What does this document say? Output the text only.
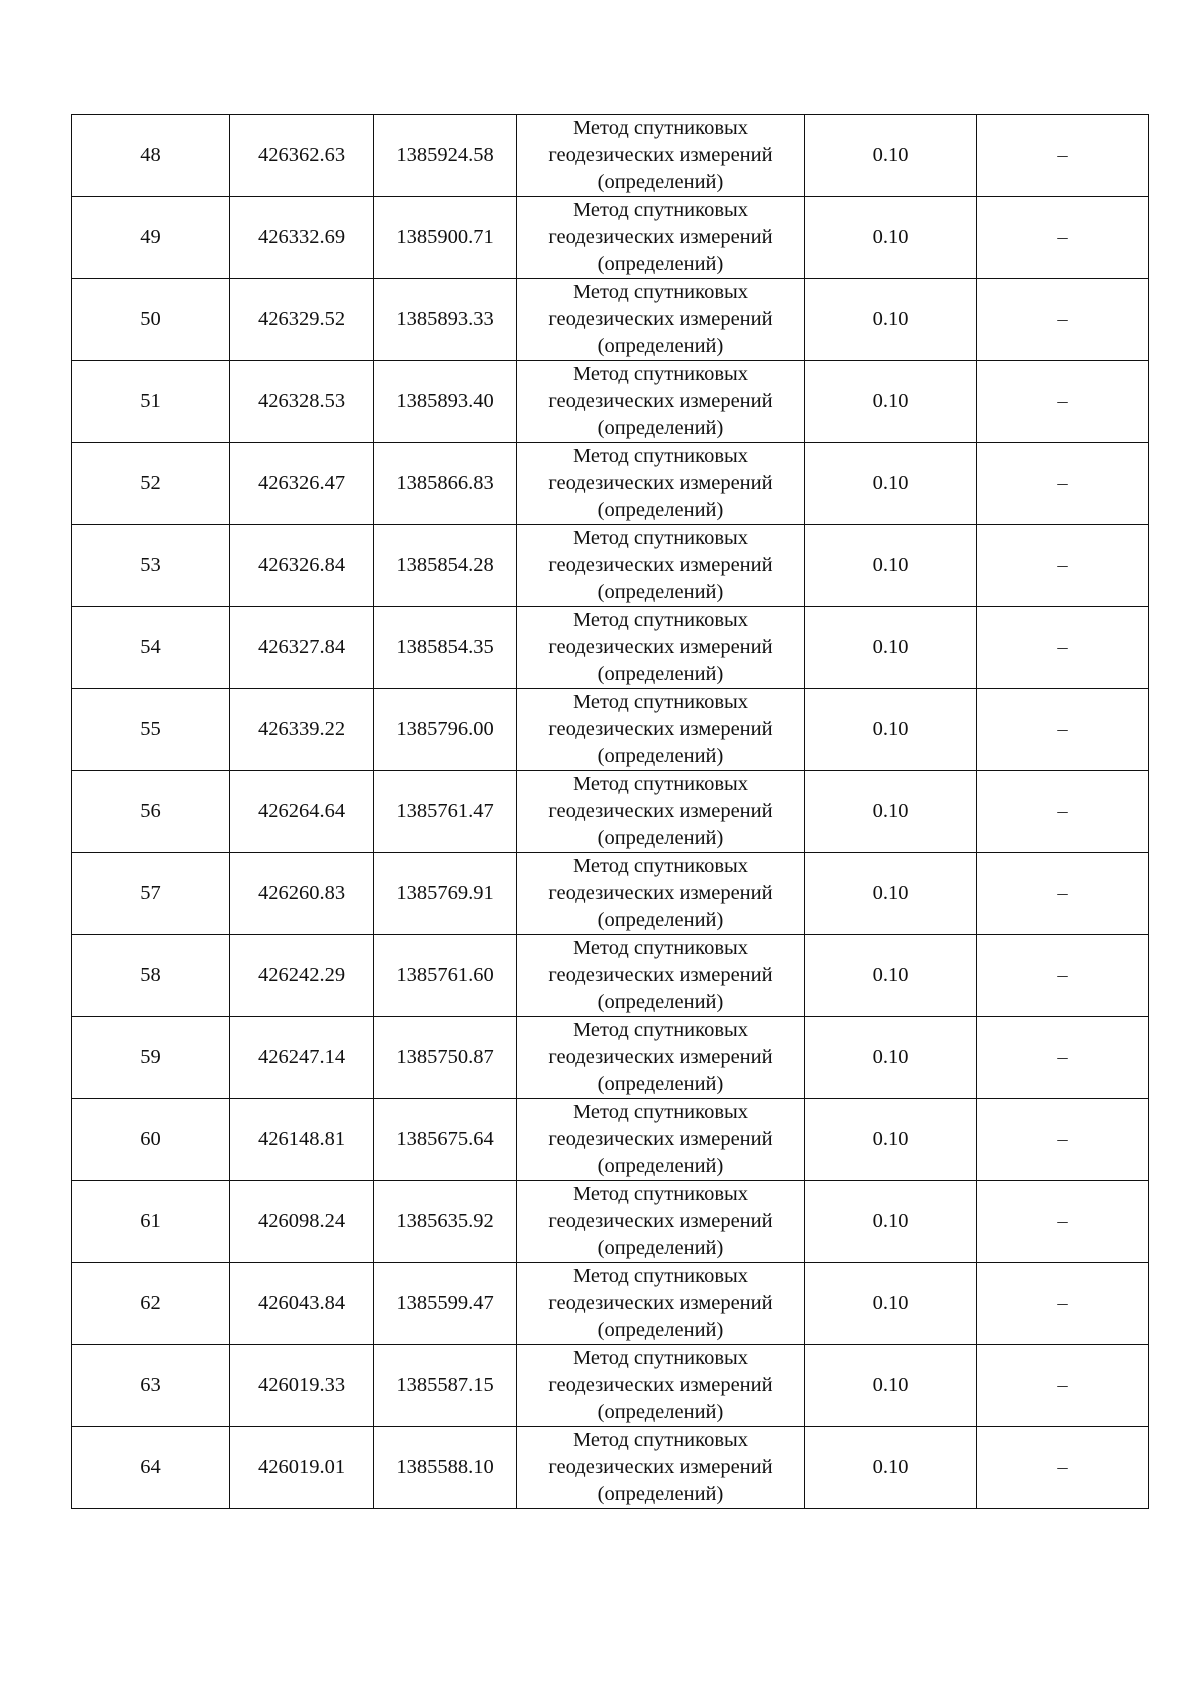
48	426362.63	1385924.58	Метод спутниковых
геодезических измерений
(определений)	0.10	–
49	426332.69	1385900.71	Метод спутниковых
геодезических измерений
(определений)	0.10	–
50	426329.52	1385893.33	Метод спутниковых
геодезических измерений
(определений)	0.10	–
51	426328.53	1385893.40	Метод спутниковых
геодезических измерений
(определений)	0.10	–
52	426326.47	1385866.83	Метод спутниковых
геодезических измерений
(определений)	0.10	–
53	426326.84	1385854.28	Метод спутниковых
геодезических измерений
(определений)	0.10	–
54	426327.84	1385854.35	Метод спутниковых
геодезических измерений
(определений)	0.10	–
55	426339.22	1385796.00	Метод спутниковых
геодезических измерений
(определений)	0.10	–
56	426264.64	1385761.47	Метод спутниковых
геодезических измерений
(определений)	0.10	–
57	426260.83	1385769.91	Метод спутниковых
геодезических измерений
(определений)	0.10	–
58	426242.29	1385761.60	Метод спутниковых
геодезических измерений
(определений)	0.10	–
59	426247.14	1385750.87	Метод спутниковых
геодезических измерений
(определений)	0.10	–
60	426148.81	1385675.64	Метод спутниковых
геодезических измерений
(определений)	0.10	–
61	426098.24	1385635.92	Метод спутниковых
геодезических измерений
(определений)	0.10	–
62	426043.84	1385599.47	Метод спутниковых
геодезических измерений
(определений)	0.10	–
63	426019.33	1385587.15	Метод спутниковых
геодезических измерений
(определений)	0.10	–
64	426019.01	1385588.10	Метод спутниковых
геодезических измерений
(определений)	0.10	–
